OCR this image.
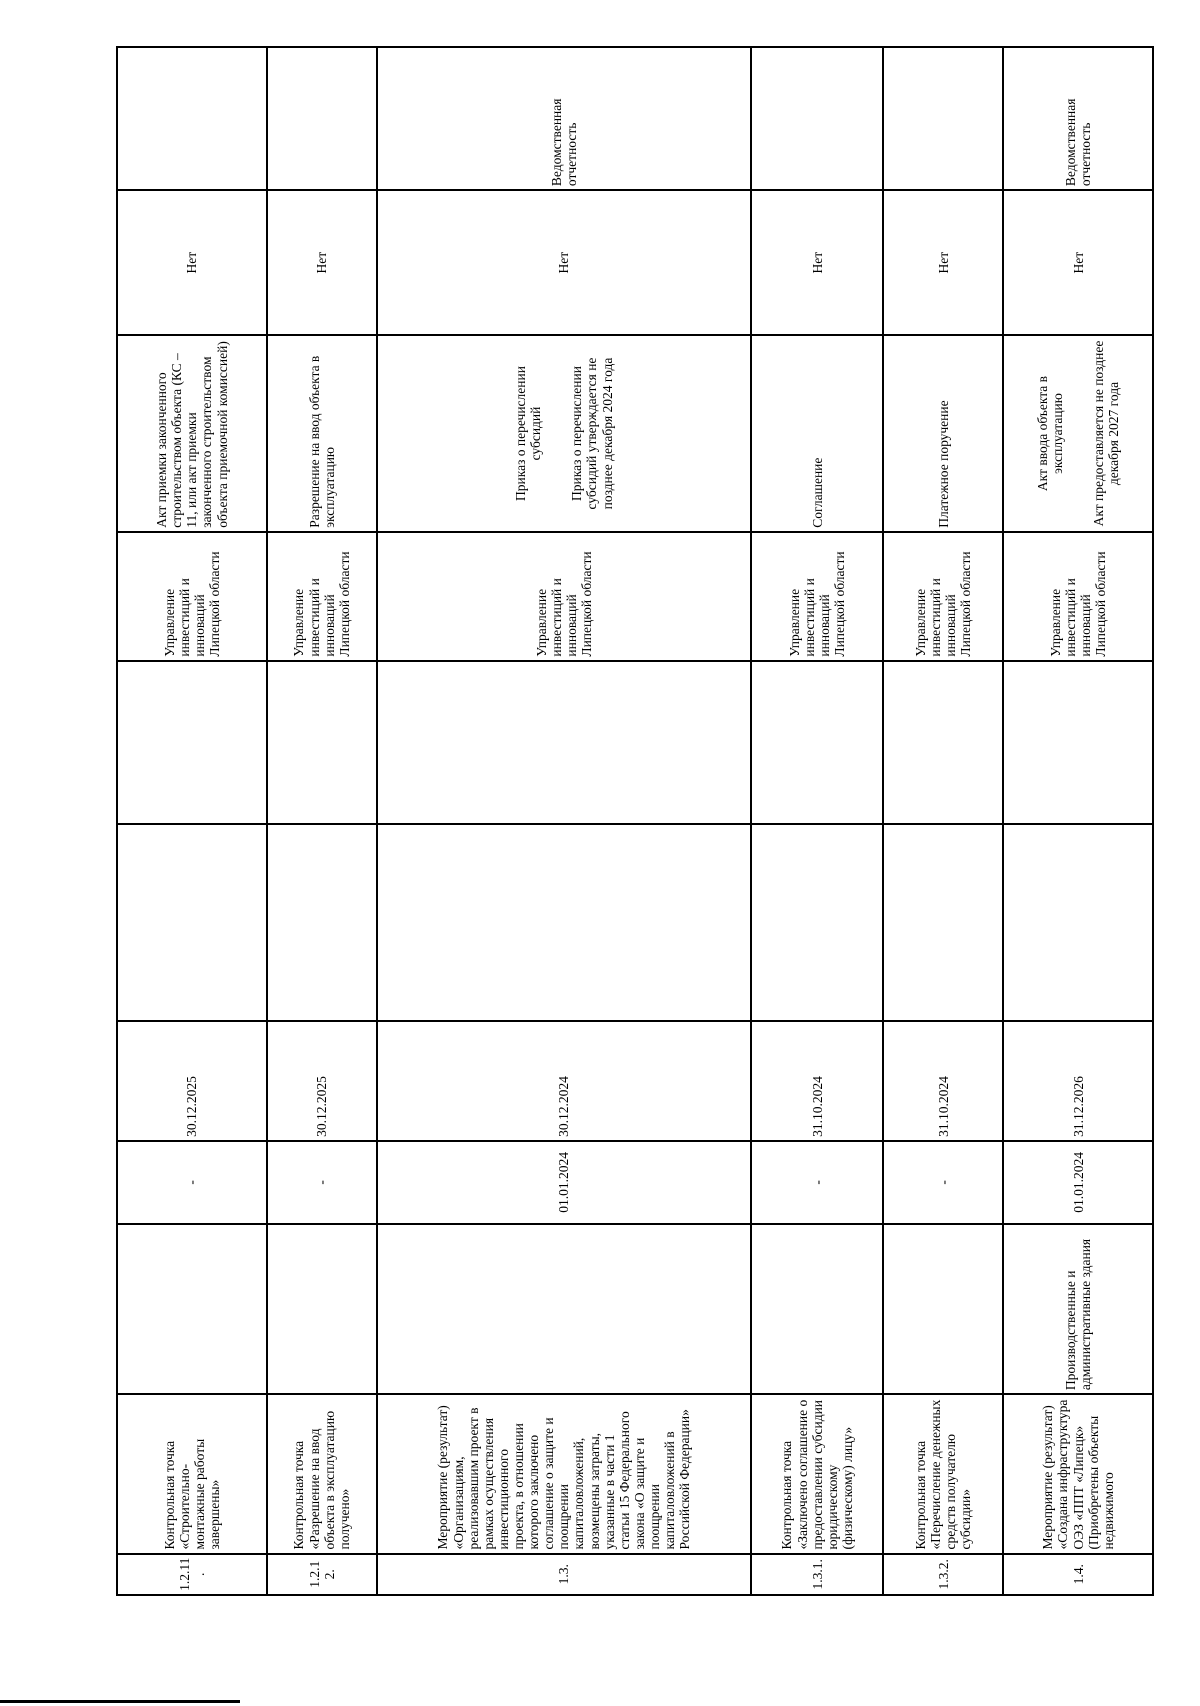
1.2.11.	Контрольная точка «Строительно-монтажные работы завершены»		-	30.12.2025			Управление инвестиций и инноваций Липецкой области	Акт приемки законченного строительством объекта (КС – 11, или акт приемки законченного строительством объекта приемочной комиссией)	Нет	
1.2.12.	Контрольная точка «Разрешение на ввод объекта в эксплуатацию получено»		-	30.12.2025			Управление инвестиций и инноваций Липецкой области	Разрешение на ввод объекта в эксплуатацию	Нет	
1.3.	Мероприятие (результат) «Организациям, реализовавшим проект в рамках осуществления инвестиционного проекта, в отношении которого заключено соглашение о защите и поощрении капиталовложений, возмещены затраты, указанные в части 1 статьи 15 Федерального закона «О защите и поощрении капиталовложений в Российской Федерации»		01.01.2024	30.12.2024			Управление инвестиций и инноваций Липецкой области	Приказ о перечислении субсидий Приказ о перечислении субсидий утверждается не позднее декабря 2024 года	Нет	Ведомственная отчетность
1.3.1.	Контрольная точка «Заключено соглашение о предоставлении субсидии юридическому (физическому) лицу»		-	31.10.2024			Управление инвестиций и инноваций Липецкой области	Соглашение	Нет	
1.3.2.	Контрольная точка «Перечисление денежных средств получателю субсидии»		-	31.10.2024			Управление инвестиций и инноваций Липецкой области	Платежное поручение	Нет	
1.4.	Мероприятие (результат) «Создана инфраструктура ОЭЗ «ППТ «Липецк» (Приобретены объекты недвижимого	Производственные и административные здания	01.01.2024	31.12.2026			Управление инвестиций и инноваций Липецкой области	Акт ввода объекта в эксплуатацию Акт предоставляется не позднее декабря 2027 года	Нет	Ведомственная отчетность
